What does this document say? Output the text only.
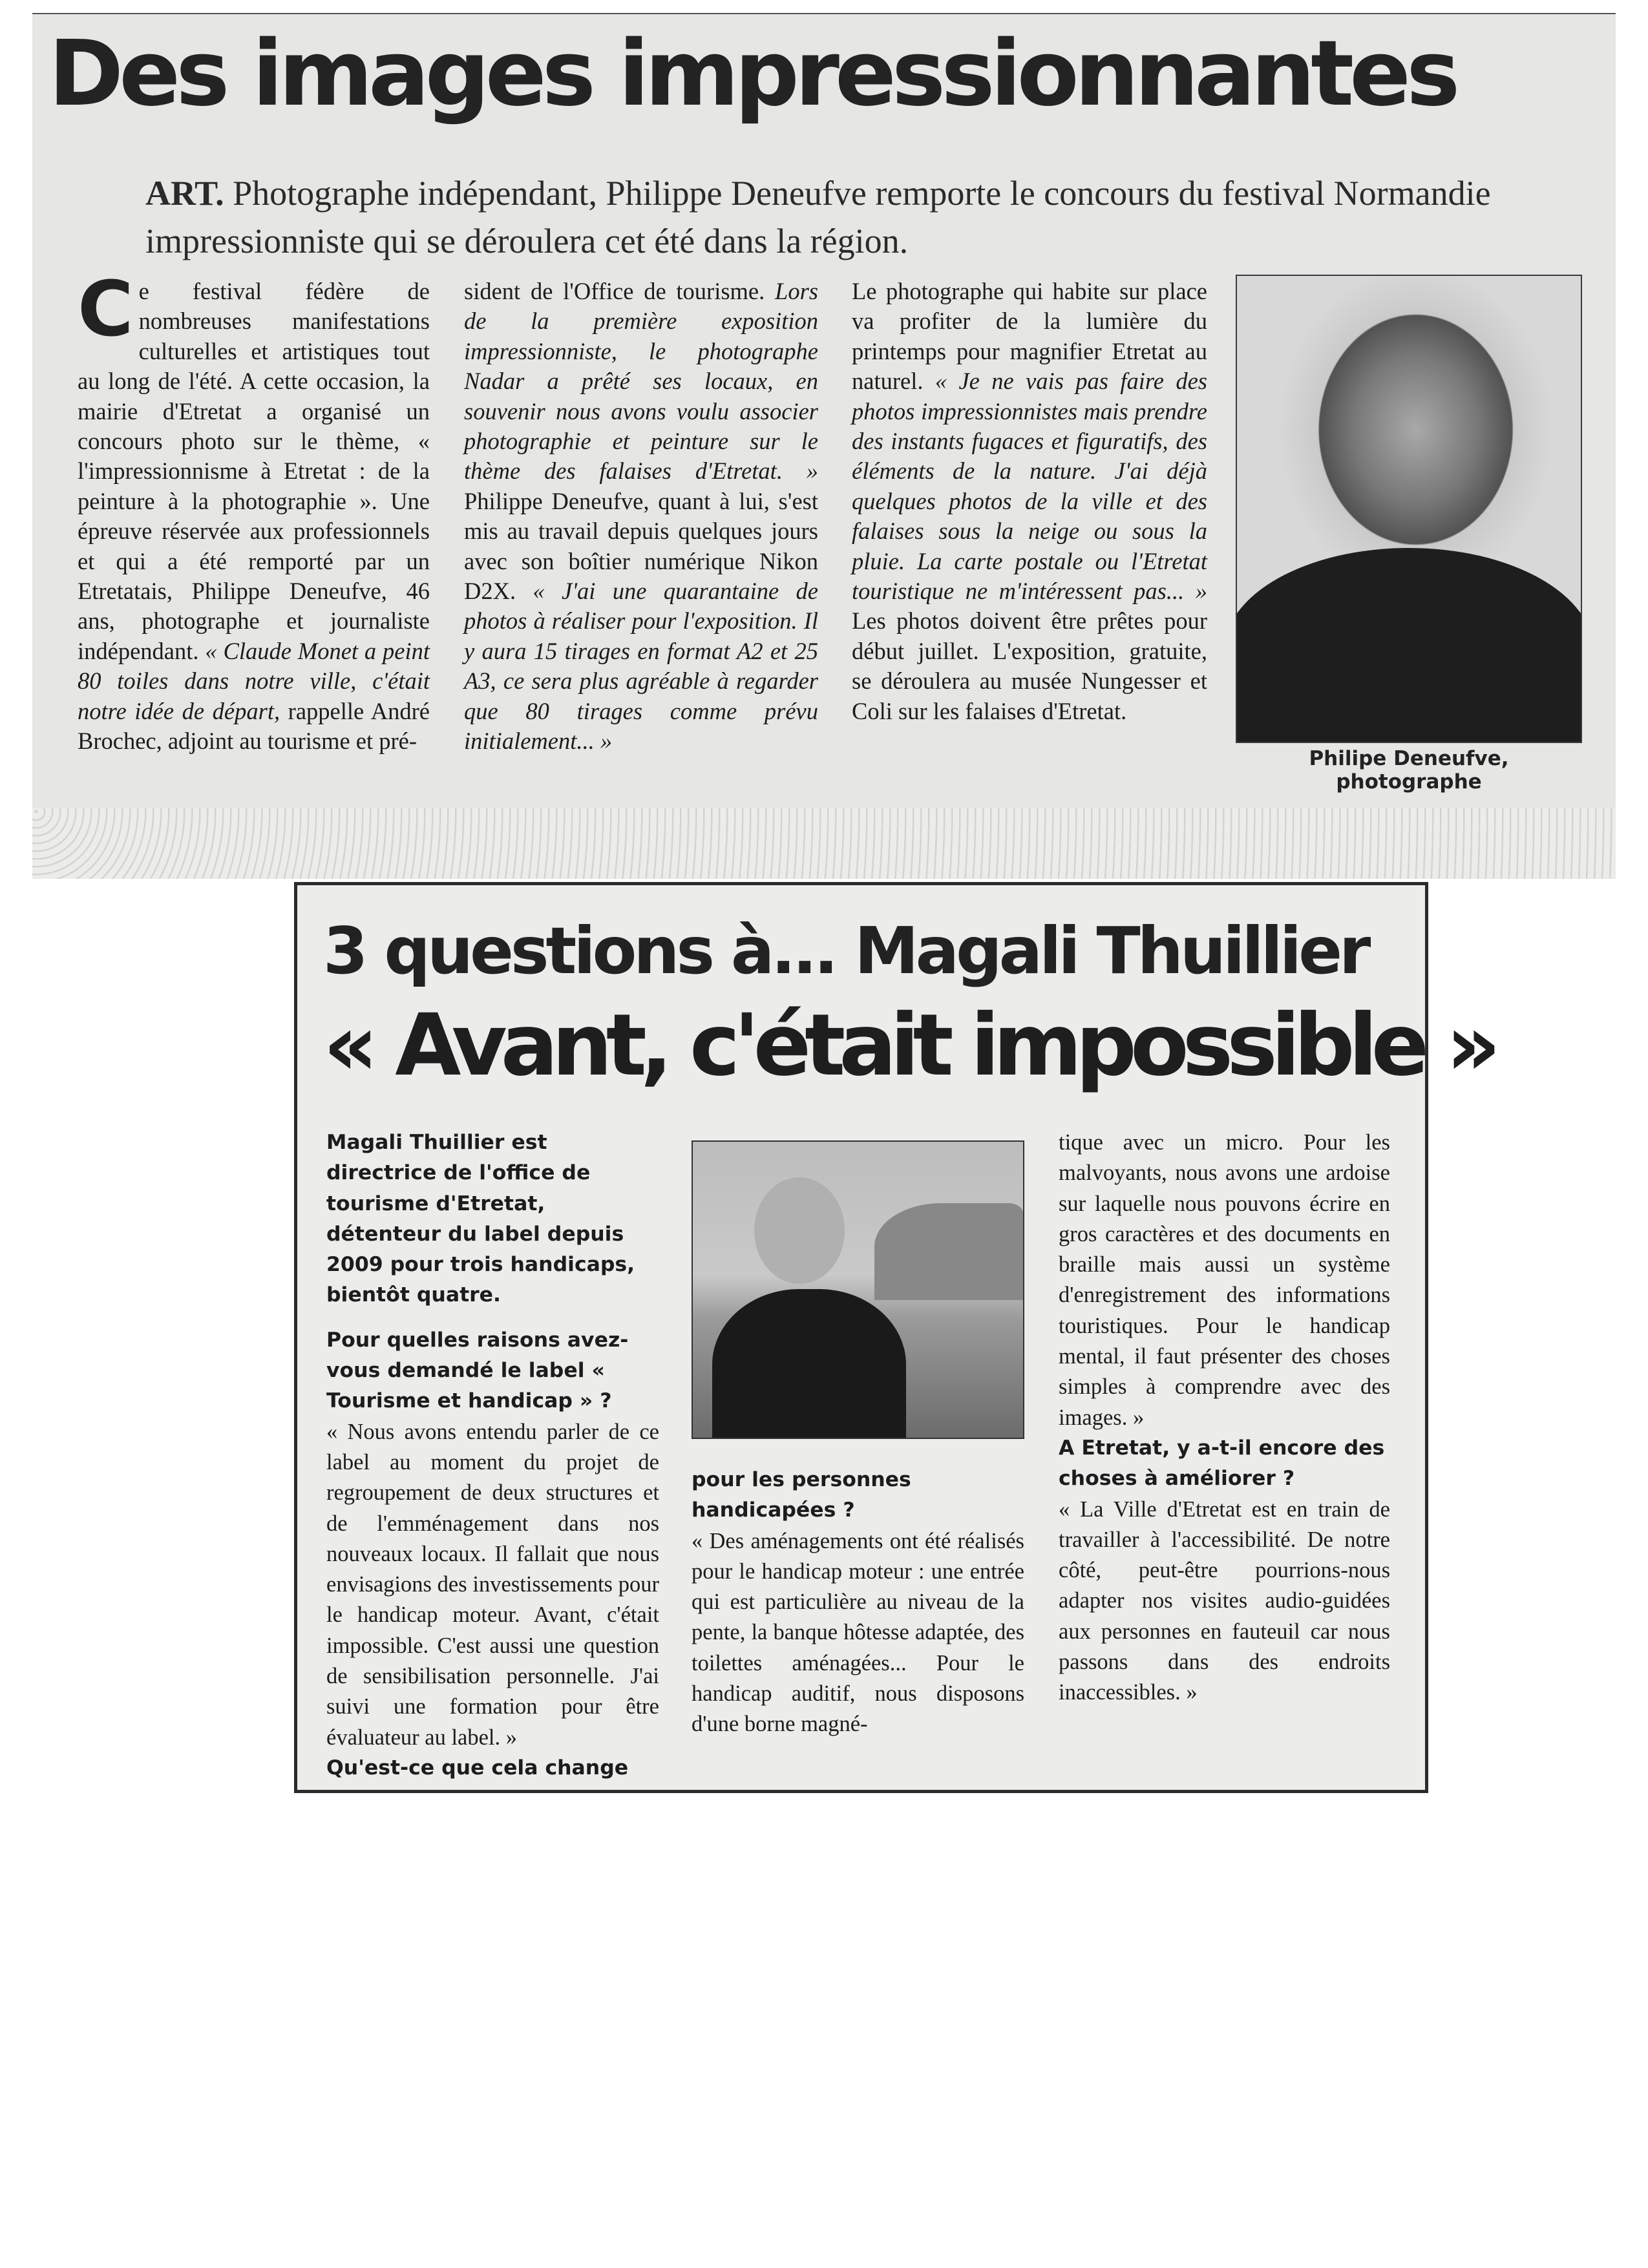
Des images impressionnantes

ART. Photographe indépendant, Philippe Deneufve remporte le concours du festival Normandie impressionniste qui se déroulera cet été dans la région.

Ce festival fédère de nombreuses manifestations culturelles et artistiques tout au long de l'été. A cette occasion, la mairie d'Etretat a organisé un concours photo sur le thème, « l'impressionnisme à Etretat : de la peinture à la photographie ». Une épreuve réservée aux professionnels et qui a été remporté par un Etretatais, Philippe Deneufve, 46 ans, photographe et journaliste indépendant. « Claude Monet a peint 80 toiles dans notre ville, c'était notre idée de départ, rappelle André Brochec, adjoint au tourisme et pré-

sident de l'Office de tourisme. Lors de la première exposition impressionniste, le photographe Nadar a prêté ses locaux, en souvenir nous avons voulu associer photographie et peinture sur le thème des falaises d'Etretat. » Philippe Deneufve, quant à lui, s'est mis au travail depuis quelques jours avec son boîtier numérique Nikon D2X. « J'ai une quarantaine de photos à réaliser pour l'exposition. Il y aura 15 tirages en format A2 et 25 A3, ce sera plus agréable à regarder que 80 tirages comme prévu initialement... »

Le photographe qui habite sur place va profiter de la lumière du printemps pour magnifier Etretat au naturel. « Je ne vais pas faire des photos impressionnistes mais prendre des instants fugaces et figuratifs, des éléments de la nature. J'ai déjà quelques photos de la ville et des falaises sous la neige ou sous la pluie. La carte postale ou l'Etretat touristique ne m'intéressent pas... » Les photos doivent être prêtes pour début juillet. L'exposition, gratuite, se déroulera au musée Nungesser et Coli sur les falaises d'Etretat.

Philipe Deneufve, photographe
3 questions à... Magali Thuillier
« Avant, c'était impossible »

Magali Thuillier est directrice de l'office de tourisme d'Etretat, détenteur du label depuis 2009 pour trois handicaps, bientôt quatre.

Pour quelles raisons avez-vous demandé le label « Tourisme et handicap » ?

« Nous avons entendu parler de ce label au moment du projet de regroupement de deux structures et de l'emménagement dans nos nouveaux locaux. Il fallait que nous envisagions des investissements pour le handicap moteur. Avant, c'était impossible. C'est aussi une question de sensibilisation personnelle. J'ai suivi une formation pour être évaluateur au label. »

Qu'est-ce que cela change

pour les personnes handicapées ?

« Des aménagements ont été réalisés pour le handicap moteur : une entrée qui est particulière au niveau de la pente, la banque hôtesse adaptée, des toilettes aménagées... Pour le handicap auditif, nous disposons d'une borne magné-

tique avec un micro. Pour les malvoyants, nous avons une ardoise sur laquelle nous pouvons écrire en gros caractères et des documents en braille mais aussi un système d'enregistrement des informations touristiques. Pour le handicap mental, il faut présenter des choses simples à comprendre avec des images. »

A Etretat, y a-t-il encore des choses à améliorer ?

« La Ville d'Etretat est en train de travailler à l'accessibilité. De notre côté, peut-être pourrions-nous adapter nos visites audio-guidées aux personnes en fauteuil car nous passons dans des endroits inaccessibles. »
